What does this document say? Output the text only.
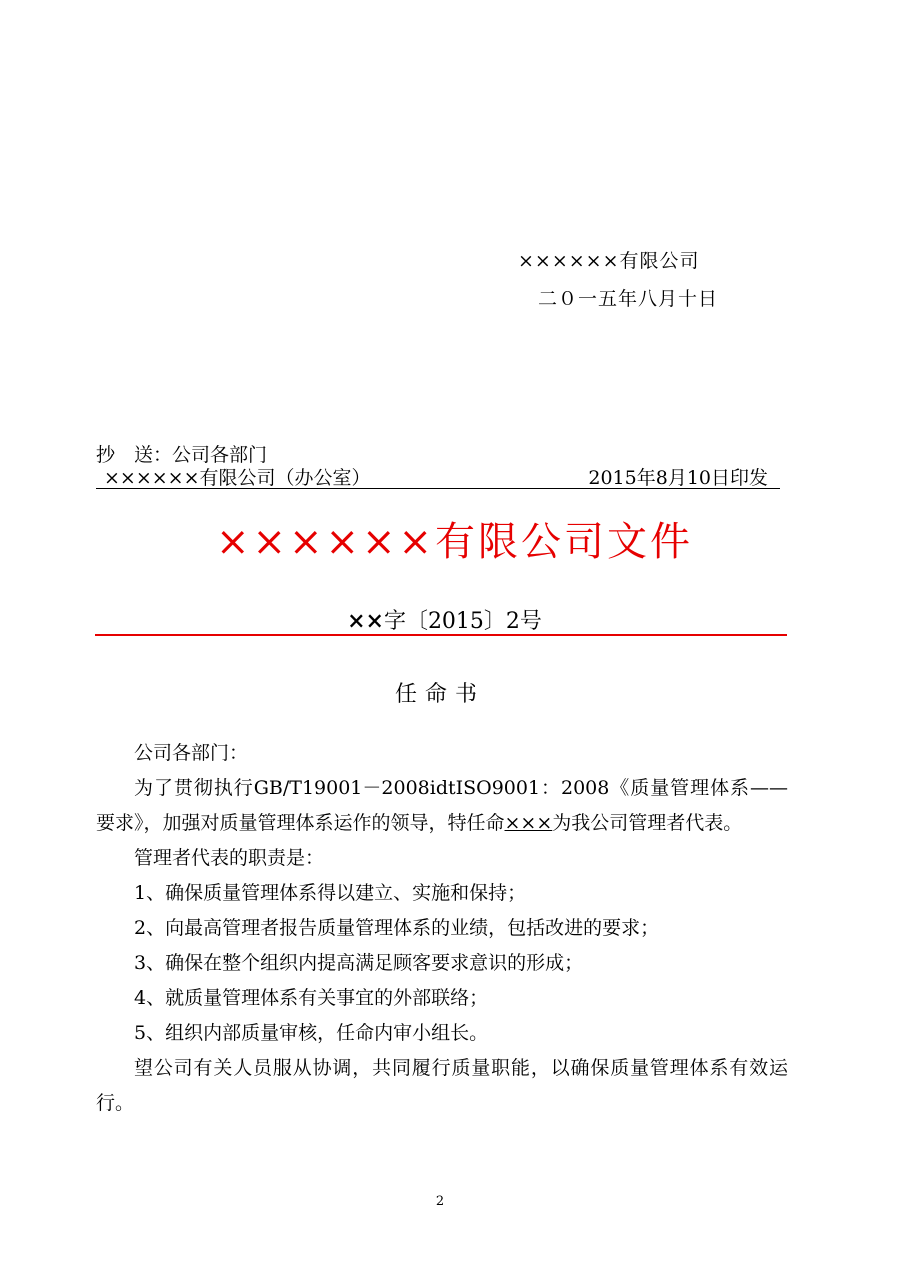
××××××有限公司
二０一五年八月十日
抄　送：公司各部门
××××××有限公司（办公室）	2015年8月10日印发
××××××有限公司文件
××字〔2015〕2号
任命书

公司各部门：

为了贯彻执行GB/T19001－2008idtISO9001：2008《质量管理体系——要求》，加强对质量管理体系运作的领导，特任命×××为我公司管理者代表。

管理者代表的职责是：

1、确保质量管理体系得以建立、实施和保持；

2、向最高管理者报告质量管理体系的业绩，包括改进的要求；

3、确保在整个组织内提高满足顾客要求意识的形成；

4、就质量管理体系有关事宜的外部联络；

5、组织内部质量审核，任命内审小组长。

望公司有关人员服从协调，共同履行质量职能，以确保质量管理体系有效运行。

2
